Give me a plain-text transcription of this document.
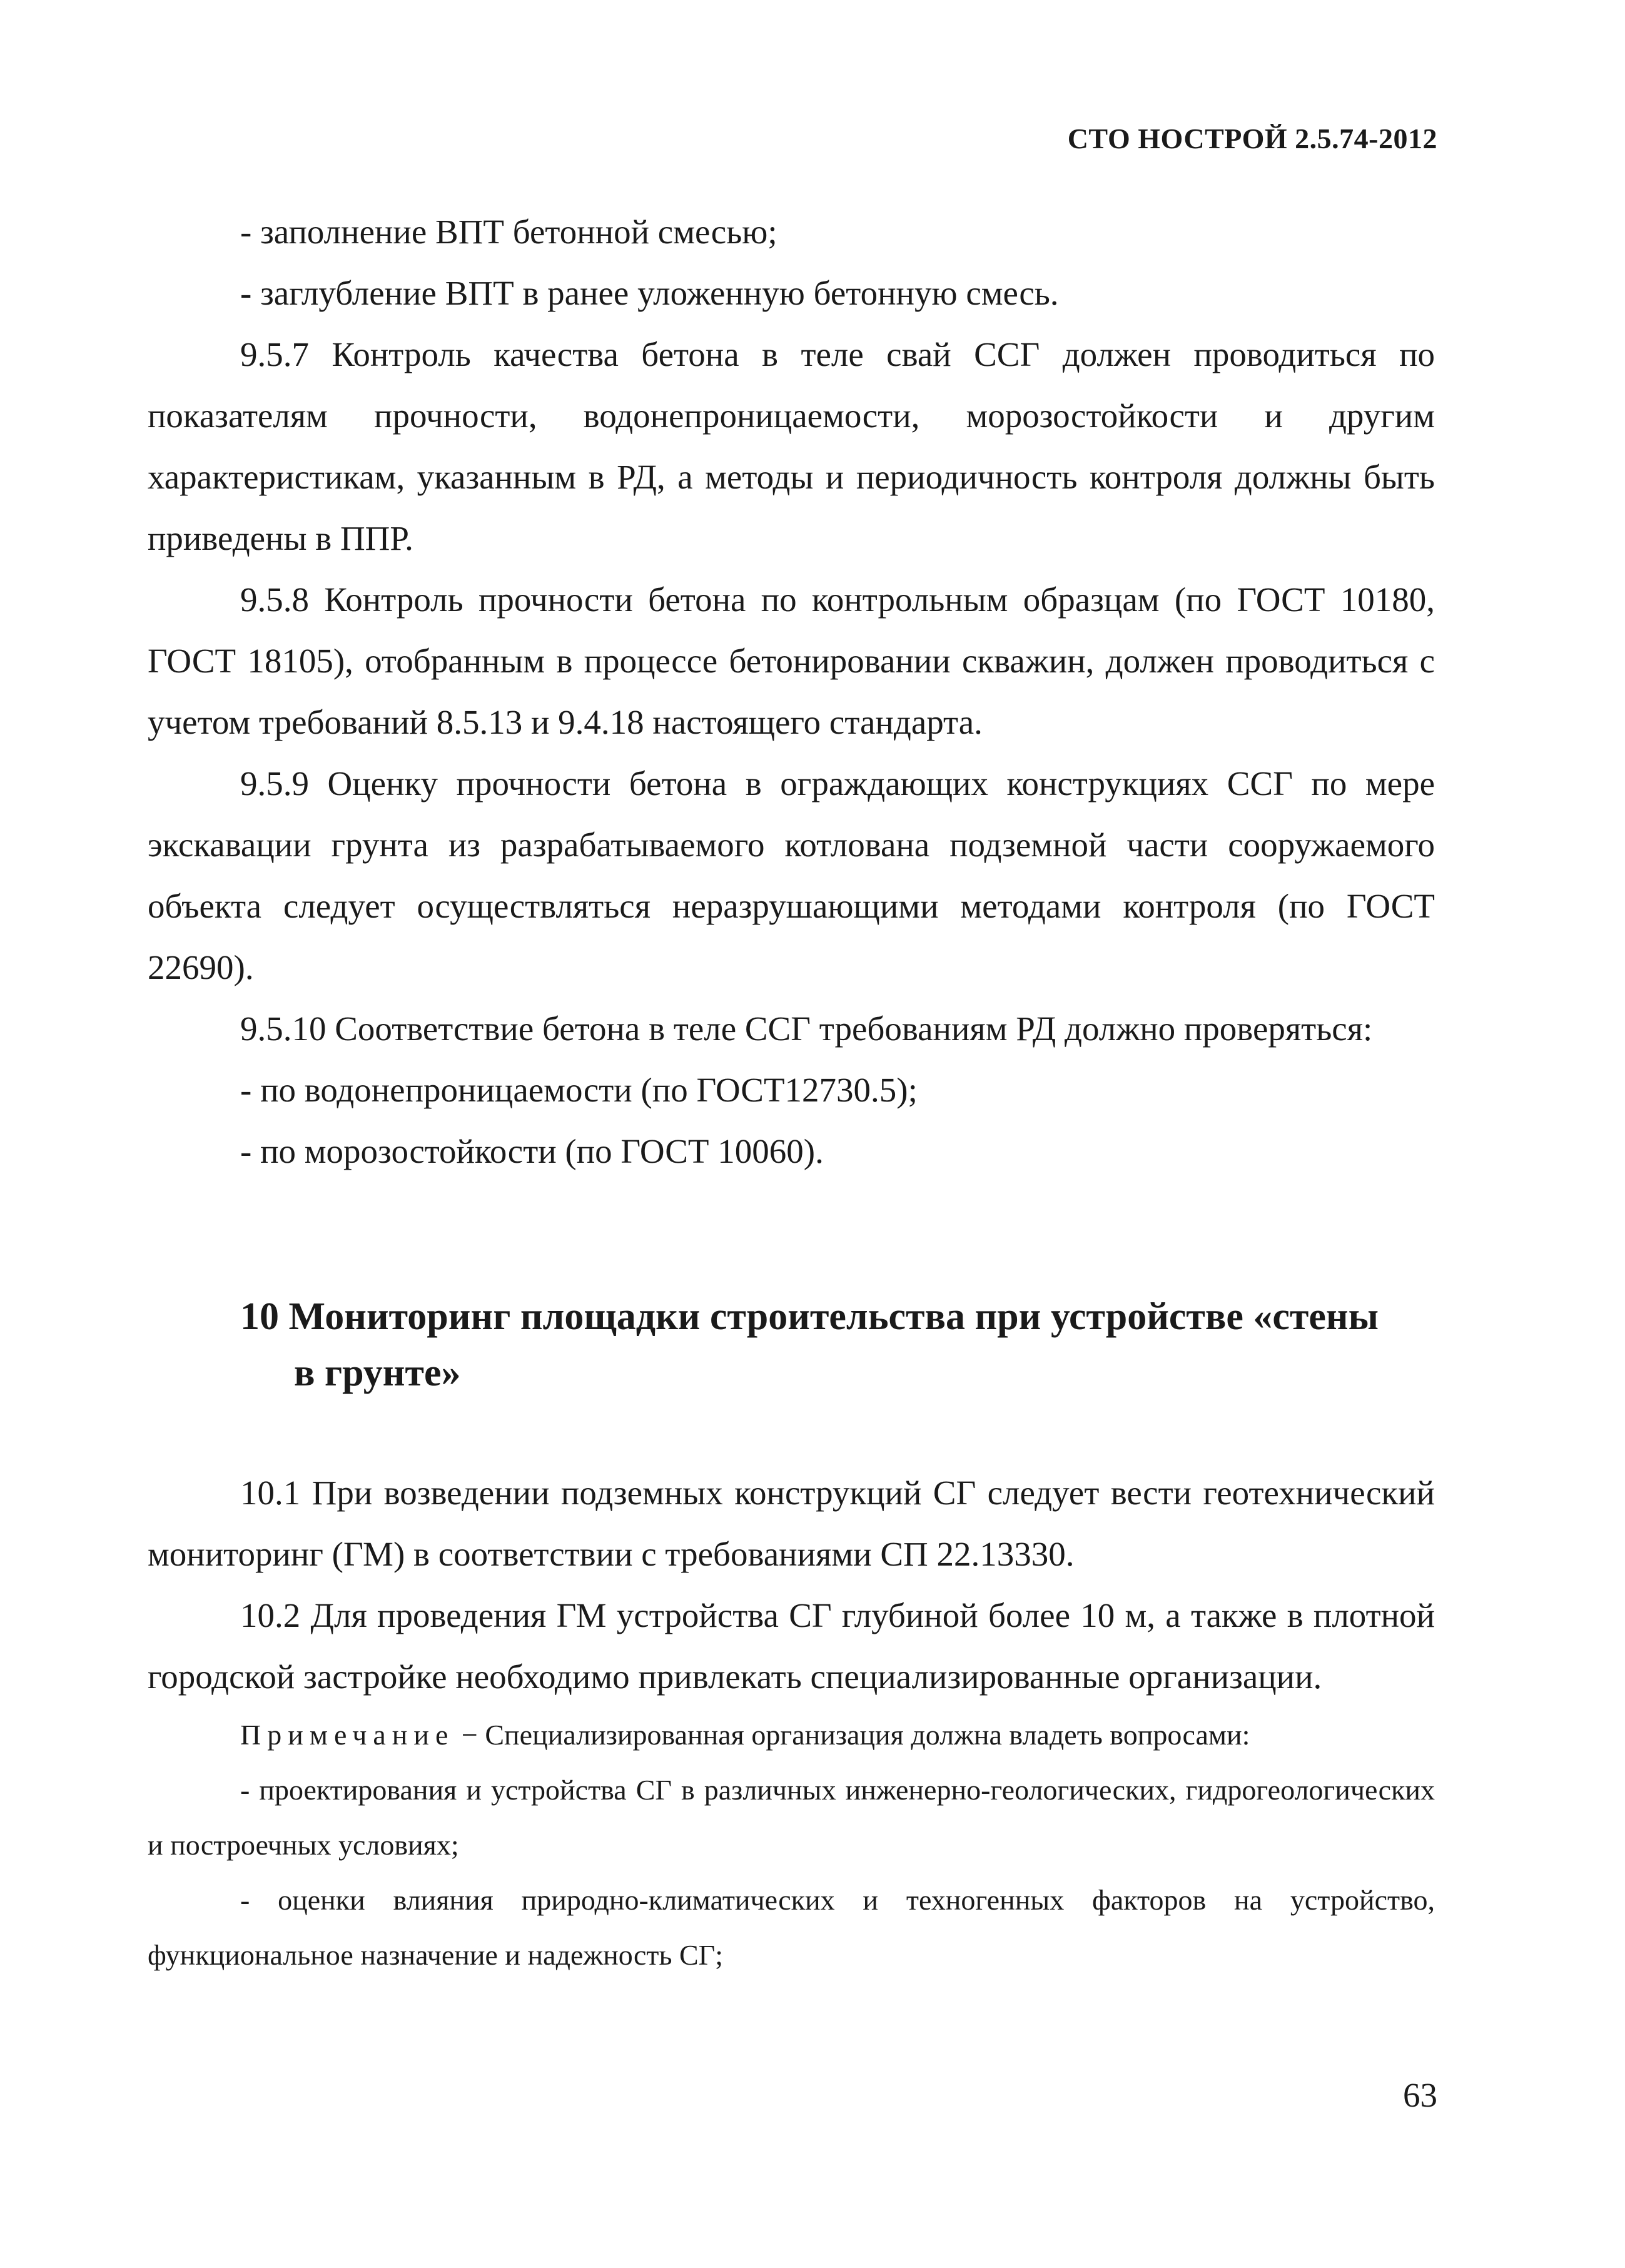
СТО НОСТРОЙ 2.5.74-2012

- заполнение ВПТ бетонной смесью;

- заглубление ВПТ в ранее уложенную бетонную смесь.

9.5.7 Контроль качества бетона в теле свай ССГ должен проводиться по показателям прочности, водонепроницаемости, морозостойкости и другим характеристикам, указанным в РД, а методы и периодичность контроля должны быть приведены в ППР.

9.5.8 Контроль прочности бетона по контрольным образцам (по ГОСТ 10180, ГОСТ 18105), отобранным в процессе бетонировании скважин, должен проводиться с учетом требований 8.5.13 и 9.4.18 настоящего стандарта.

9.5.9 Оценку прочности бетона в ограждающих конструкциях ССГ по мере экскавации грунта из разрабатываемого котлована подземной части сооружаемого объекта следует осуществляться неразрушающими методами контроля (по ГОСТ 22690).

9.5.10 Соответствие бетона в теле ССГ требованиям РД должно проверяться:

- по водонепроницаемости (по ГОСТ12730.5);

- по морозостойкости (по ГОСТ 10060).

10 Мониторинг площадки строительства при устройстве «стены
в грунте»

10.1 При возведении подземных конструкций СГ следует вести геотехнический мониторинг (ГМ) в соответствии с требованиями СП 22.13330.

10.2 Для проведения ГМ устройства СГ глубиной более 10 м, а также в плотной городской застройке необходимо привлекать специализированные организации.

Примечание − Специализированная организация должна владеть вопросами:

- проектирования и устройства СГ в различных инженерно-геологических, гидрогеологических и построечных условиях;

- оценки влияния природно-климатических и техногенных факторов на устройство, функциональное назначение и надежность СГ;

63
